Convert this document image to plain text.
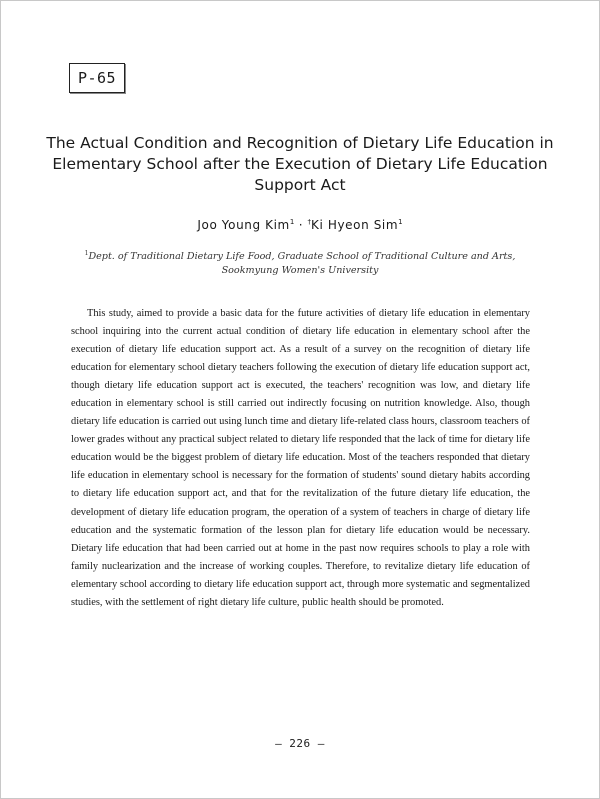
P-65
The Actual Condition and Recognition of Dietary Life Education in
Elementary School after the Execution of Dietary Life Education
Support Act
Joo Young Kim$^1$ · †Ki Hyeon Sim$^1$
$^1$Dept. of Traditional Dietary Life Food, Graduate School of Traditional Culture and Arts,
Sookmyung Women's University

This study, aimed to provide a basic data for the future activities of dietary life education in elementary school inquiring into the current actual condition of dietary life education in elementary school after the execution of dietary life education support act. As a result of a survey on the recognition of dietary life education for elementary school dietary teachers following the execution of dietary life education support act, though dietary life education support act is executed, the teachers' recognition was low, and dietary life education in elementary school is still carried out indirectly focusing on nutrition knowledge. Also, though dietary life education is carried out using lunch time and dietary life-related class hours, classroom teachers of lower grades without any practical subject related to dietary life responded that the lack of time for dietary life education would be the biggest problem of dietary life education. Most of the teachers responded that dietary life education in elementary school is necessary for the formation of students' sound dietary habits according to dietary life education support act, and that for the revitalization of the future dietary life education, the development of dietary life education program, the operation of a system of teachers in charge of dietary life education and the systematic formation of the lesson plan for dietary life education would be necessary. Dietary life education that had been carried out at home in the past now requires schools to play a role with family nuclearization and the increase of working couples. Therefore, to revitalize dietary life education of elementary school according to dietary life education support act, through more systematic and segmentalized studies, with the settlement of right dietary life culture, public health should be promoted.

– 226 –
